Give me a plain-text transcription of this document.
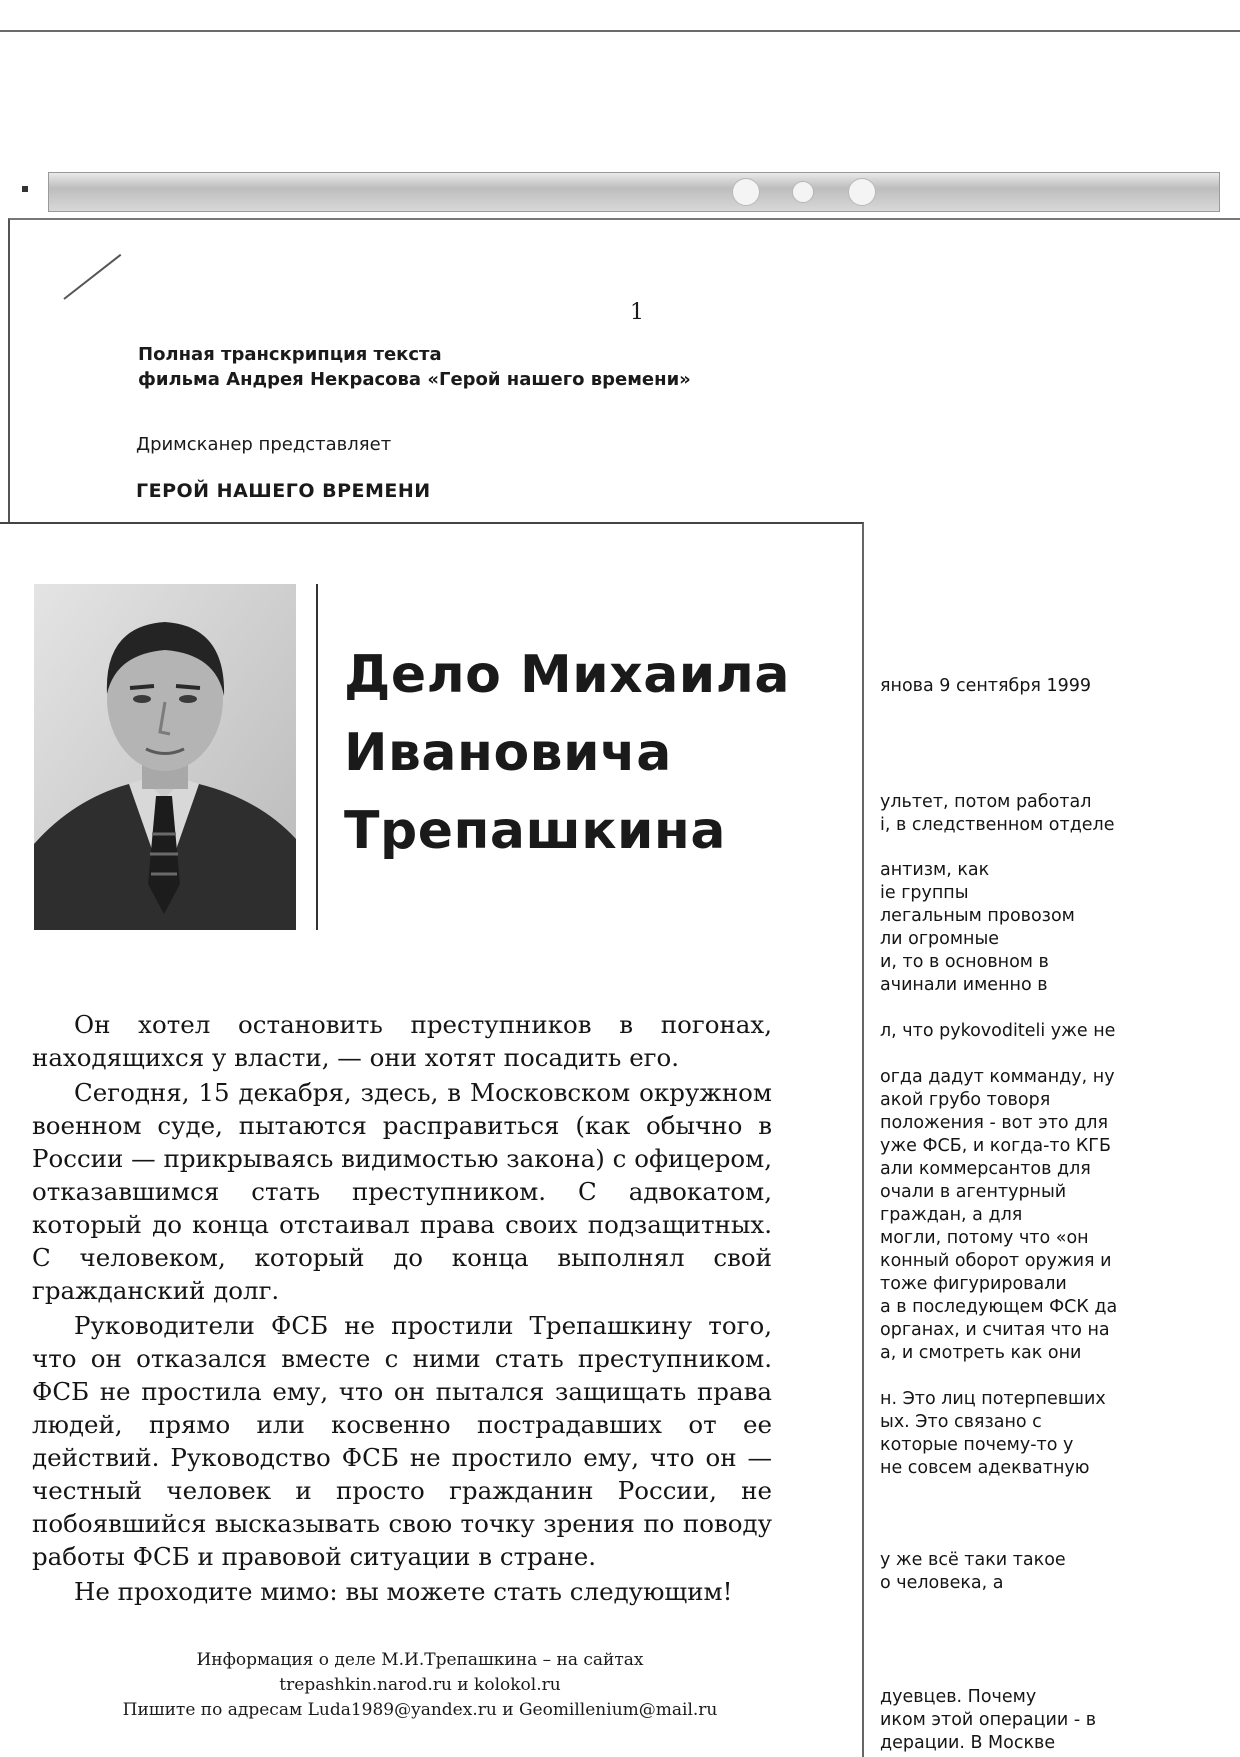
1
Полная транскрипция текста
фильма Андрея Некрасова «Герой нашего времени»
Дримсканер представляет
ГЕРОЙ НАШЕГО ВРЕМЕНИ
янова 9 сентября 1999
ультет, потом работал
і, в следственном отделе
антизм, как
іе группы
легальным провозом
ли огромные
и, то в основном в
ачинали именно в
л, что pykovoditeli уже не
огда дадут комманду, ну
акой грубо товоря
положения - вот это для
уже ФСБ, и когда-то КГБ
али коммерсантов для
очали в агентурный
граждан, а для
могли, потому что «он
конный оборот оружия и
тоже фигурировали
а в последующем ФСК да
органах, и считая что на
а, и смотреть как они
н. Это лиц потерпевших
ых. Это связано с
которые почему-то у
не совсем адекватную
у же всё таки такое
о человека, а
дуевцев. Почему
иком этой операции - в
дерации. В Москве
Дело Михаила
Ивановича
Трепашкина

Он хотел остановить преступников в погонах, находящихся у власти, — они хотят посадить его.

Сегодня, 15 декабря, здесь, в Московском окружном военном суде, пытаются расправиться (как обычно в России — прикрываясь видимостью закона) с офицером, отказавшимся стать преступником. С адвокатом, который до конца отстаивал права своих подзащитных. С человеком, который до конца выполнял свой гражданский долг.

Руководители ФСБ не простили Трепашкину того, что он отказался вместе с ними стать преступником. ФСБ не простила ему, что он пытался защищать права людей, прямо или косвенно пострадавших от ее действий. Руководство ФСБ не простило ему, что он — честный человек и просто гражданин России, не побоявшийся высказывать свою точку зрения по поводу работы ФСБ и правовой ситуации в стране.

Не проходите мимо: вы можете стать следующим!

Информация о деле М.И.Трепашкина – на сайтах
trepashkin.narod.ru и kolokol.ru
Пишите по адресам Luda1989@yandex.ru и Geomillenium@mail.ru
